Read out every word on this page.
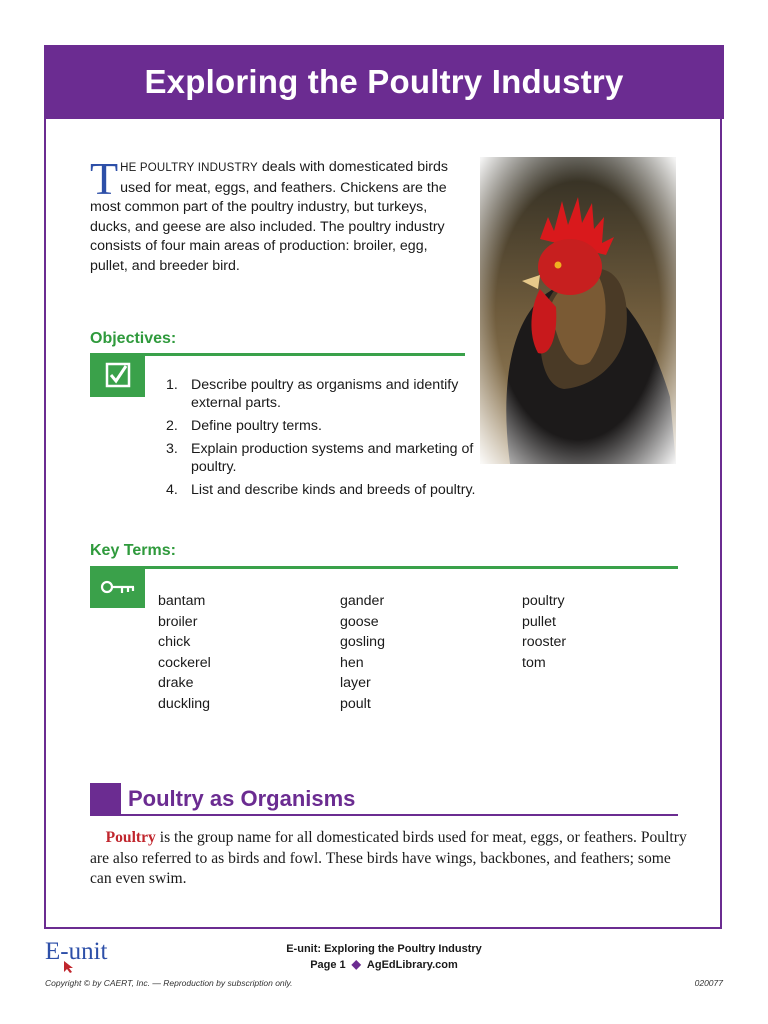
Exploring the Poultry Industry
THE POULTRY INDUSTRY deals with domesticated birds used for meat, eggs, and feathers. Chickens are the most common part of the poultry industry, but turkeys, ducks, and geese are also included. The poultry industry consists of four main areas of production: broiler, egg, pullet, and breeder bird.
Objectives:
1. Describe poultry as organisms and identify external parts.
2. Define poultry terms.
3. Explain production systems and marketing of poultry.
4. List and describe kinds and breeds of poultry.
Key Terms:
bantam
broiler
chick
cockerel
drake
duckling
gander
goose
gosling
hen
layer
poult
poultry
pullet
rooster
tom
Poultry as Organisms
Poultry is the group name for all domesticated birds used for meat, eggs, or feathers. Poultry are also referred to as birds and fowl. These birds have wings, backbones, and feathers; some can even swim.
E-unit	E-unit: Exploring the Poultry Industry
Page 1 ◆ AgEdLibrary.com
Copyright © by CAERT, Inc. — Reproduction by subscription only.	020077
